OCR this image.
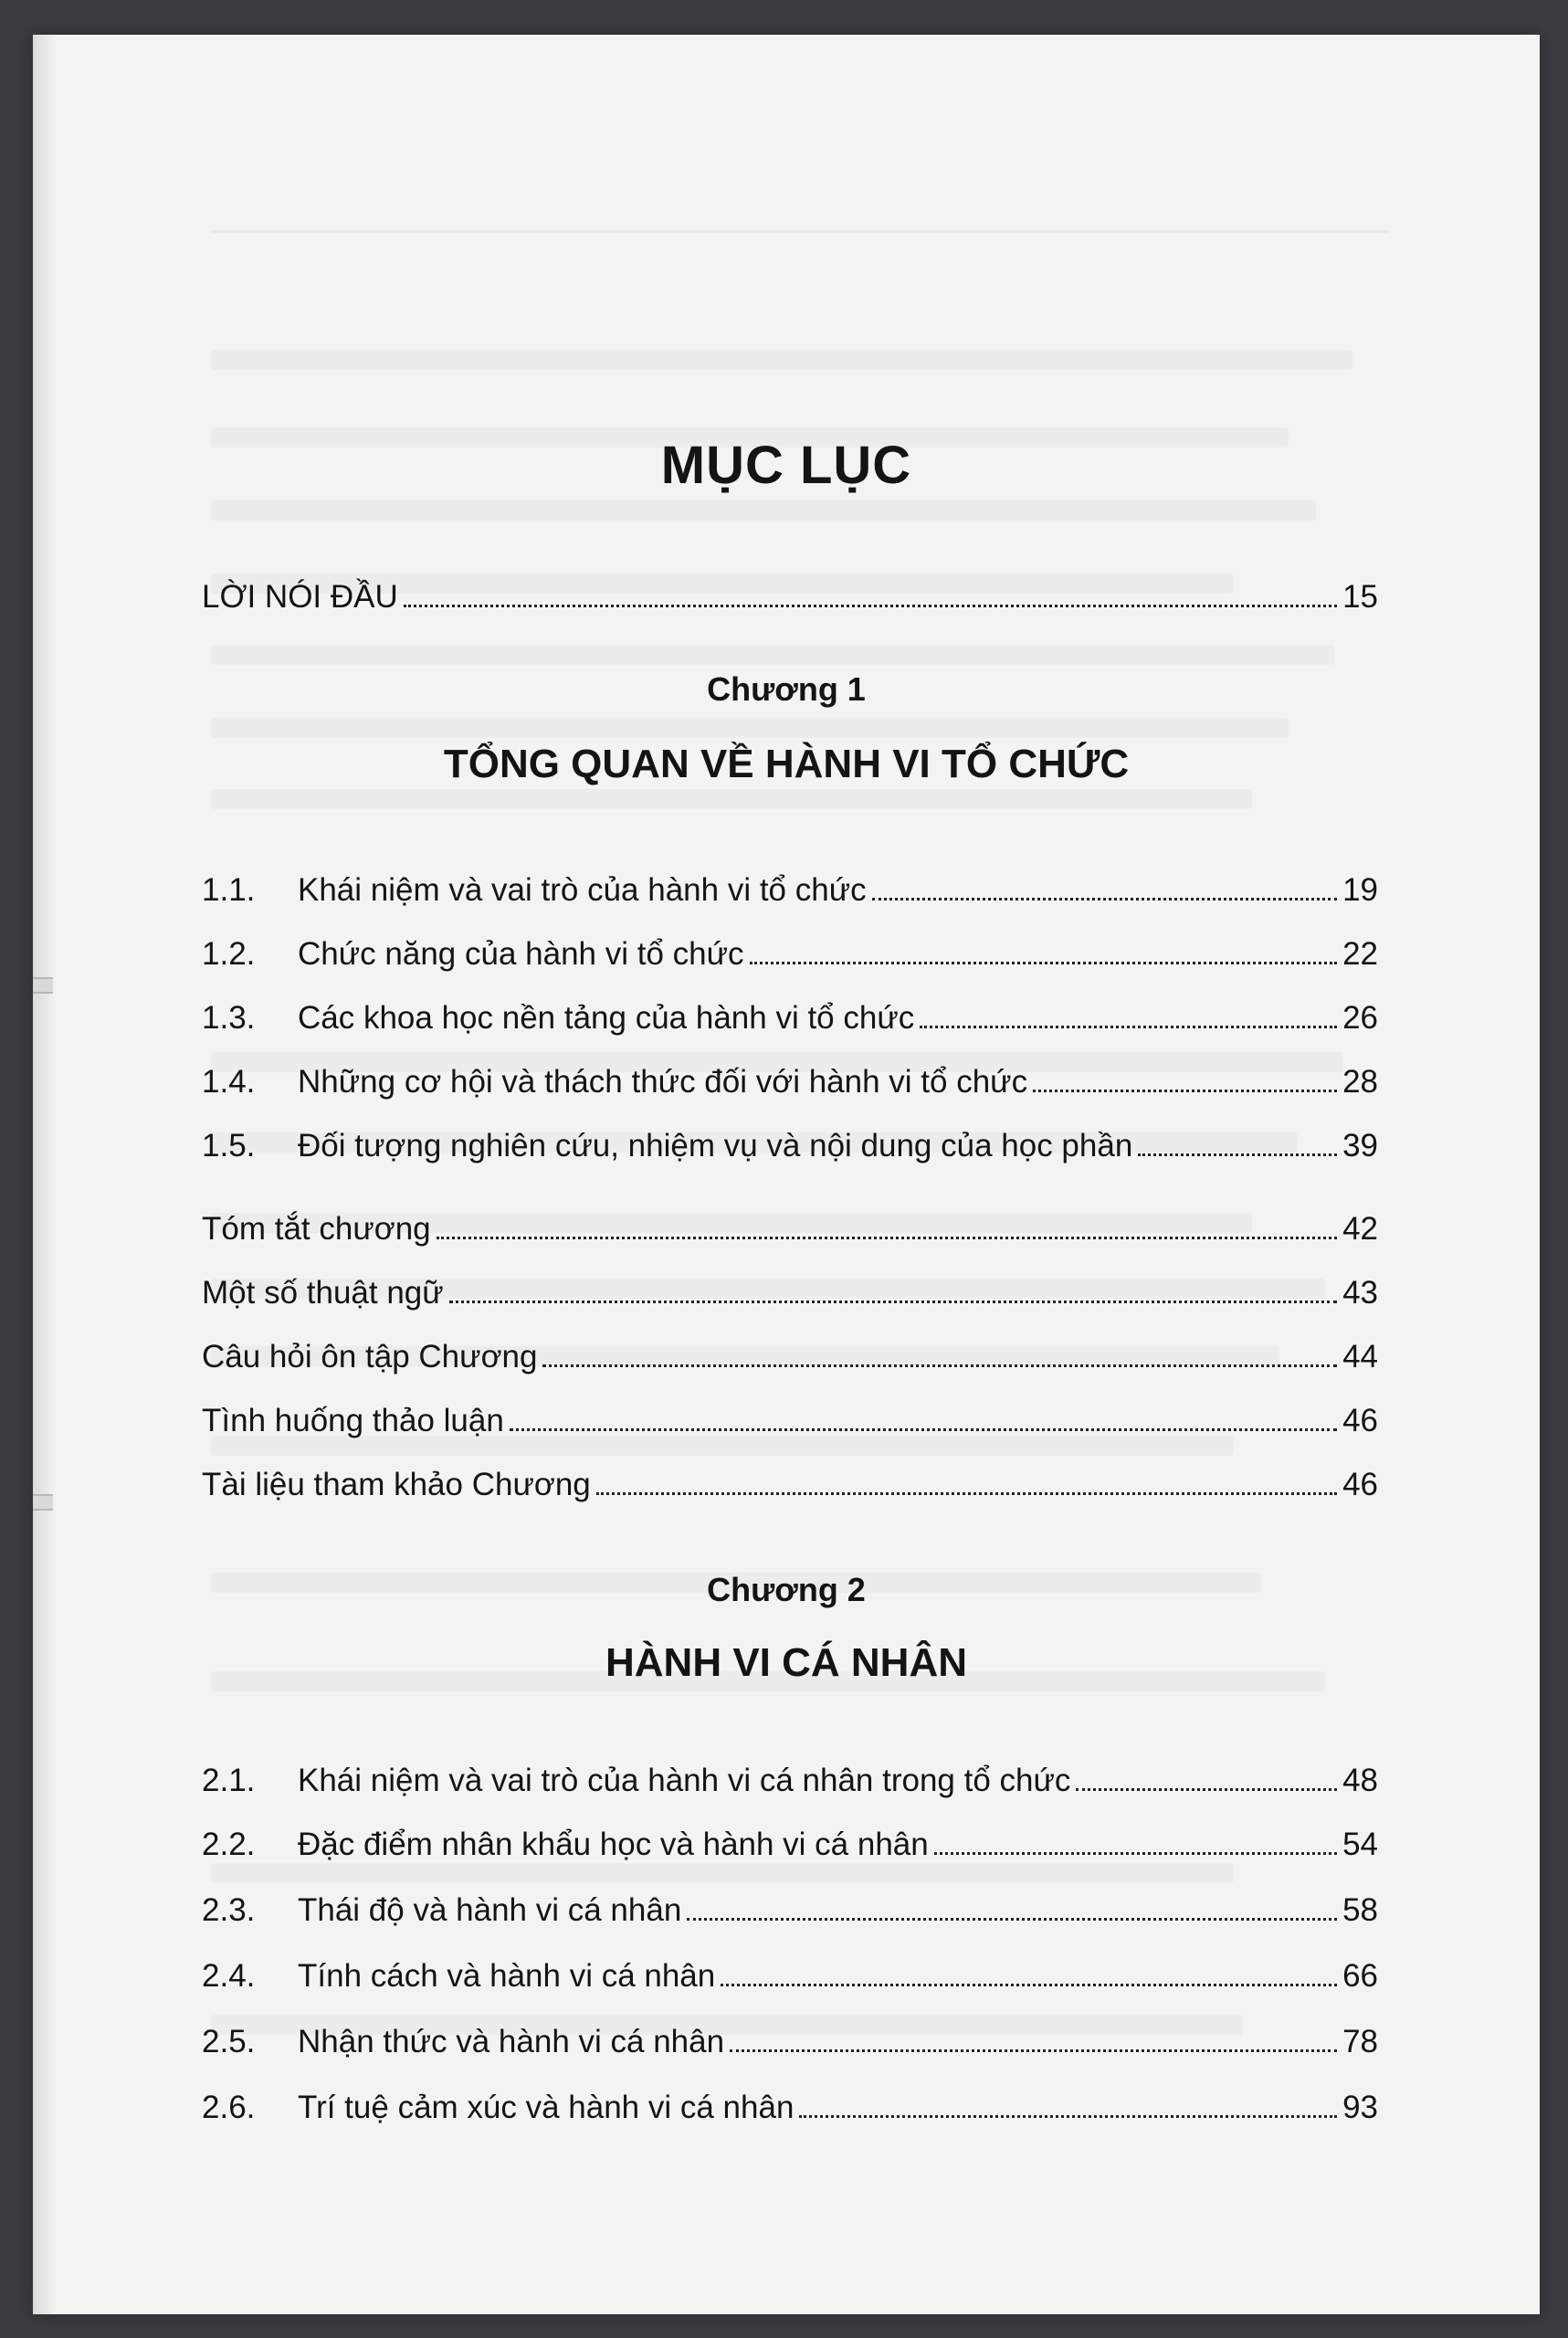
MỤC LỤC
LỜI NÓI ĐẦU	15
Chương 1
TỔNG QUAN VỀ HÀNH VI TỔ CHỨC
1.1.	Khái niệm và vai trò của hành vi tổ chức	19
1.2.	Chức năng của hành vi tổ chức	22
1.3.	Các khoa học nền tảng của hành vi tổ chức	26
1.4.	Những cơ hội và thách thức đối với hành vi tổ chức	28
1.5.	Đối tượng nghiên cứu, nhiệm vụ và nội dung của học phần	39
Tóm tắt chương	42
Một số thuật ngữ	43
Câu hỏi ôn tập Chương	44
Tình huống thảo luận	46
Tài liệu tham khảo Chương	46
Chương 2
HÀNH VI CÁ NHÂN
2.1.	Khái niệm và vai trò của hành vi cá nhân trong tổ chức	48
2.2.	Đặc điểm nhân khẩu học và hành vi cá nhân	54
2.3.	Thái độ và hành vi cá nhân	58
2.4.	Tính cách và hành vi cá nhân	66
2.5.	Nhận thức và hành vi cá nhân	78
2.6.	Trí tuệ cảm xúc và hành vi cá nhân	93
